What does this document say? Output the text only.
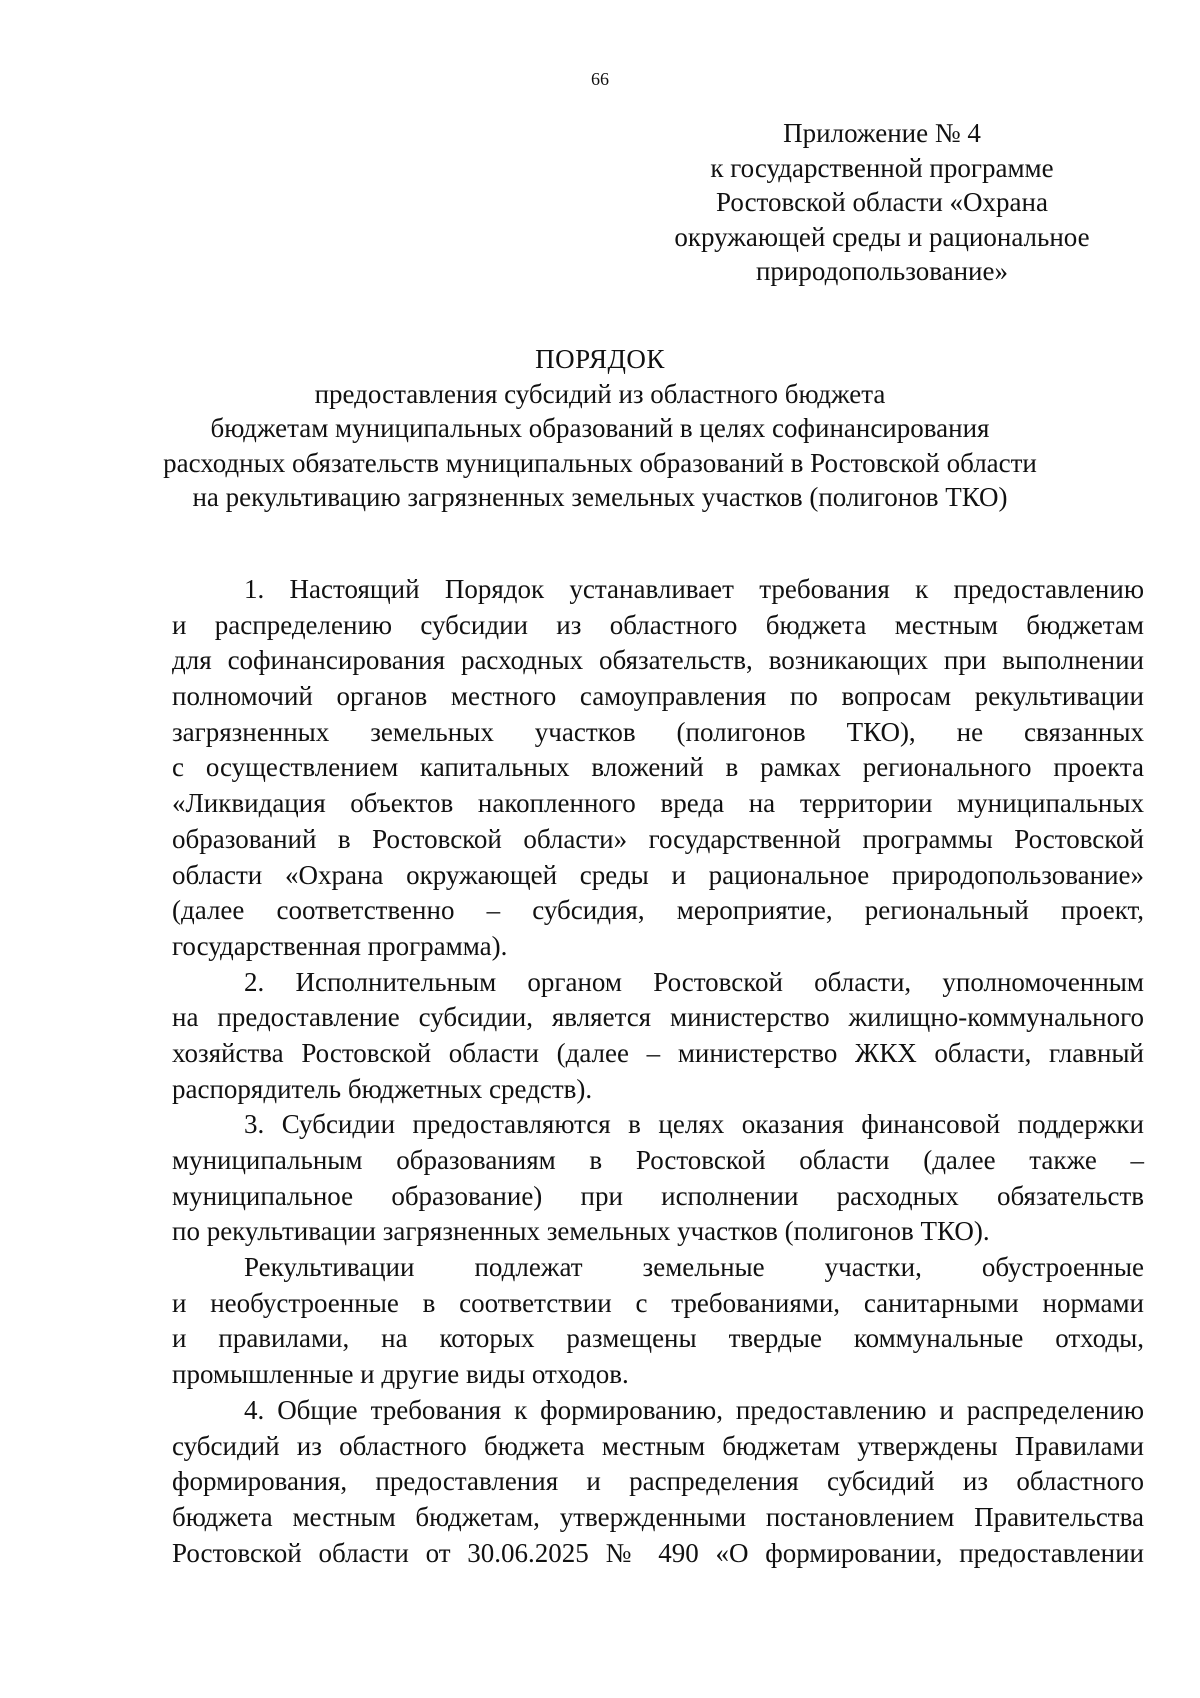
66
Приложение № 4
к государственной программе
Ростовской области «Охрана
окружающей среды и рациональное
природопользование»
ПОРЯДОК
предоставления субсидий из областного бюджета
бюджетам муниципальных образований в целях софинансирования
расходных обязательств муниципальных образований в Ростовской области
на рекультивацию загрязненных земельных участков (полигонов ТКО)
1. Настоящий Порядок устанавливает требования к предоставлению
и распределению субсидии из областного бюджета местным бюджетам
для софинансирования расходных обязательств, возникающих при выполнении
полномочий органов местного самоуправления по вопросам рекультивации
загрязненных земельных участков (полигонов ТКО), не связанных
с осуществлением капитальных вложений в рамках регионального проекта
«Ликвидация объектов накопленного вреда на территории муниципальных
образований в Ростовской области» государственной программы Ростовской
области «Охрана окружающей среды и рациональное природопользование»
(далее соответственно – субсидия, мероприятие, региональный проект,
государственная программа).
2. Исполнительным органом Ростовской области, уполномоченным
на предоставление субсидии, является министерство жилищно-коммунального
хозяйства Ростовской области (далее – министерство ЖКХ области, главный
распорядитель бюджетных средств).
3. Субсидии предоставляются в целях оказания финансовой поддержки
муниципальным образованиям в Ростовской области (далее также –
муниципальное образование) при исполнении расходных обязательств
по рекультивации загрязненных земельных участков (полигонов ТКО).
Рекультивации подлежат земельные участки, обустроенные
и необустроенные в соответствии с требованиями, санитарными нормами
и правилами, на которых размещены твердые коммунальные отходы,
промышленные и другие виды отходов.
4. Общие требования к формированию, предоставлению и распределению
субсидий из областного бюджета местным бюджетам утверждены Правилами
формирования, предоставления и распределения субсидий из областного
бюджета местным бюджетам, утвержденными постановлением Правительства
Ростовской области от 30.06.2025 № 490 «О формировании, предоставлении
